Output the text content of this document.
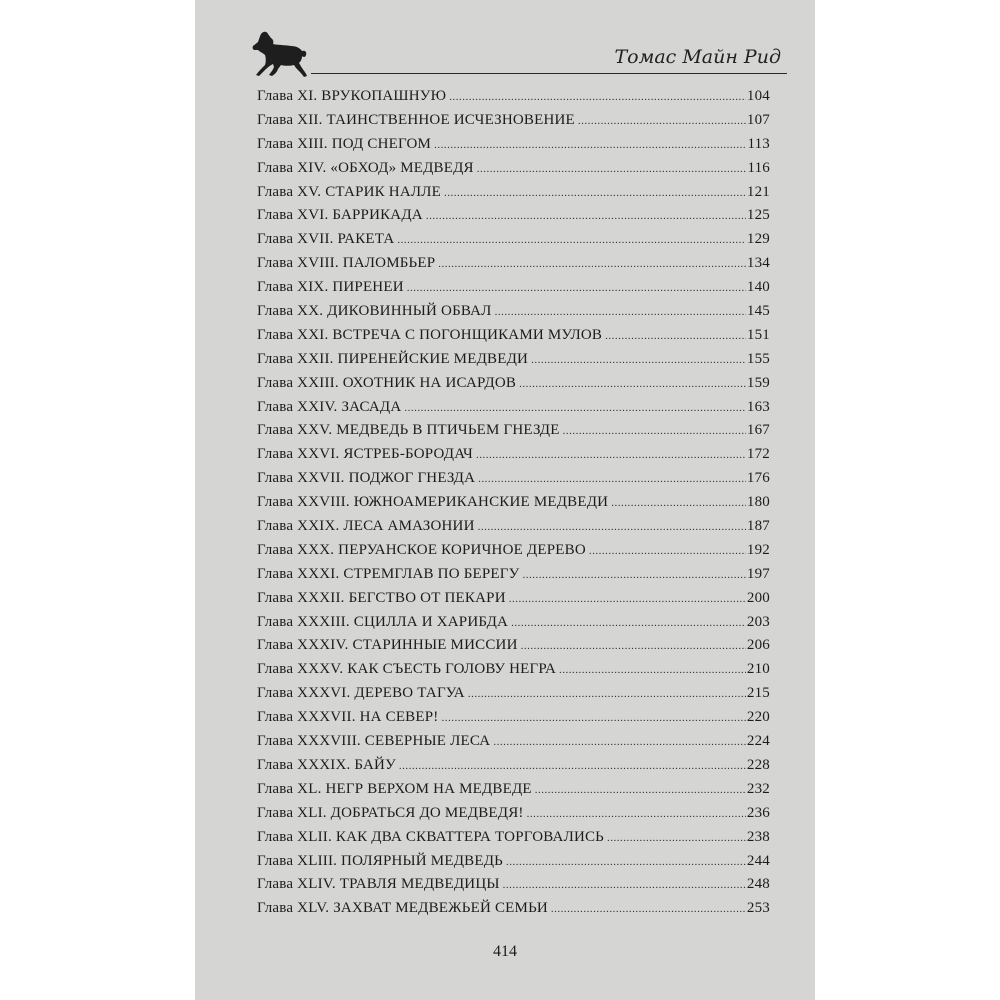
Томас Майн Рид
Глава XI. ВРУКОПАШНУЮ .....	104
Глава XII. ТАИНСТВЕННОЕ ИСЧЕЗНОВЕНИЕ .....	107
Глава XIII. ПОД СНЕГОМ .....	113
Глава XIV. «ОБХОД» МЕДВЕДЯ .....	116
Глава XV. СТАРИК НАЛЛЕ .....	121
Глава XVI. БАРРИКАДА .....	125
Глава XVII. РАКЕТА .....	129
Глава XVIII. ПАЛОМБЬЕР .....	134
Глава XIX. ПИРЕНЕИ .....	140
Глава XX. ДИКОВИННЫЙ ОБВАЛ .....	145
Глава XXI. ВСТРЕЧА С ПОГОНЩИКАМИ МУЛОВ .....	151
Глава XXII. ПИРЕНЕЙСКИЕ МЕДВЕДИ .....	155
Глава XXIII. ОХОТНИК НА ИСАРДОВ .....	159
Глава XXIV. ЗАСАДА .....	163
Глава XXV. МЕДВЕДЬ В ПТИЧЬЕМ ГНЕЗДЕ .....	167
Глава XXVI. ЯСТРЕБ-БОРОДАЧ .....	172
Глава XXVII. ПОДЖОГ ГНЕЗДА .....	176
Глава XXVIII. ЮЖНОАМЕРИКАНСКИЕ МЕДВЕДИ .....	180
Глава XXIX. ЛЕСА АМАЗОНИИ .....	187
Глава XXX. ПЕРУАНСКОЕ КОРИЧНОЕ ДЕРЕВО .....	192
Глава XXXI. СТРЕМГЛАВ ПО БЕРЕГУ .....	197
Глава XXXII. БЕГСТВО ОТ ПЕКАРИ .....	200
Глава XXXIII. СЦИЛЛА И ХАРИБДА .....	203
Глава XXXIV. СТАРИННЫЕ МИССИИ .....	206
Глава XXXV. КАК СЪЕСТЬ ГОЛОВУ НЕГРА .....	210
Глава XXXVI. ДЕРЕВО ТАГУА .....	215
Глава XXXVII. НА СЕВЕР! .....	220
Глава XXXVIII. СЕВЕРНЫЕ ЛЕСА .....	224
Глава XXXIX. БАЙУ .....	228
Глава XL. НЕГР ВЕРХОМ НА МЕДВЕДЕ .....	232
Глава XLI. ДОБРАТЬСЯ ДО МЕДВЕДЯ! .....	236
Глава XLII. КАК ДВА СКВАТТЕРА ТОРГОВАЛИСЬ .....	238
Глава XLIII. ПОЛЯРНЫЙ МЕДВЕДЬ .....	244
Глава XLIV. ТРАВЛЯ МЕДВЕДИЦЫ .....	248
Глава XLV. ЗАХВАТ МЕДВЕЖЬЕЙ СЕМЬИ .....	253
414
